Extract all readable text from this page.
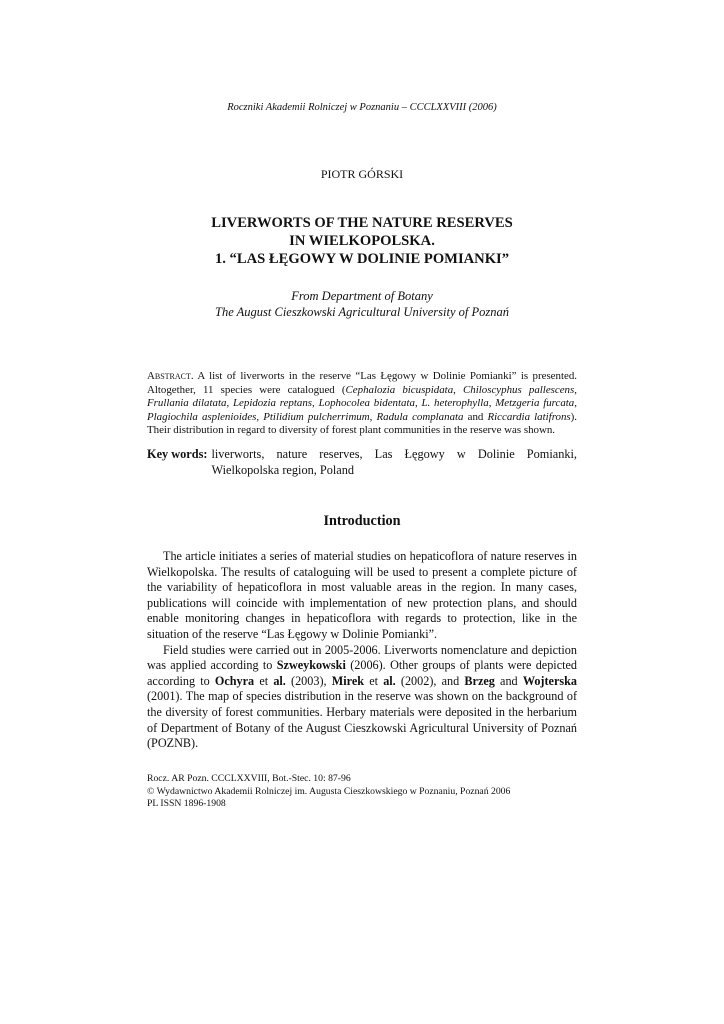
Roczniki Akademii Rolniczej w Poznaniu – CCCLXXVIII (2006)
PIOTR GÓRSKI
LIVERWORTS OF THE NATURE RESERVES
IN WIELKOPOLSKA.
1. “LAS ŁĘGOWY W DOLINIE POMIANKI”
From Department of Botany
The August Cieszkowski Agricultural University of Poznań
Abstract. A list of liverworts in the reserve “Las Łęgowy w Dolinie Pomianki” is presented. Altogether, 11 species were catalogued (Cephalozia bicuspidata, Chiloscyphus pallescens, Frullania dilatata, Lepidozia reptans, Lophocolea bidentata, L. heterophylla, Metzgeria furcata, Plagiochila asplenioides, Ptilidium pulcherrimum, Radula complanata and Riccardia latifrons). Their distribution in regard to diversity of forest plant communities in the reserve was shown.
Key words: liverworts, nature reserves, Las Łęgowy w Dolinie Pomianki, Wielkopolska region, Poland
Introduction

The article initiates a series of material studies on hepaticoflora of nature reserves in Wielkopolska. The results of cataloguing will be used to present a complete picture of the variability of hepaticoflora in most valuable areas in the region. In many cases, publications will coincide with implementation of new protection plans, and should enable monitoring changes in hepaticoflora with regards to protection, like in the situation of the reserve “Las Łęgowy w Dolinie Pomianki”.

Field studies were carried out in 2005-2006. Liverworts nomenclature and depiction was applied according to Szweykowski (2006). Other groups of plants were depicted according to Ochyra et al. (2003), Mirek et al. (2002), and Brzeg and Wojterska (2001). The map of species distribution in the reserve was shown on the background of the diversity of forest communities. Herbary materials were deposited in the herbarium of Department of Botany of the August Cieszkowski Agricultural University of Poznań (POZNB).

Rocz. AR Pozn. CCCLXXVIII, Bot.-Stec. 10: 87-96
© Wydawnictwo Akademii Rolniczej im. Augusta Cieszkowskiego w Poznaniu, Poznań 2006
PL ISSN 1896-1908
